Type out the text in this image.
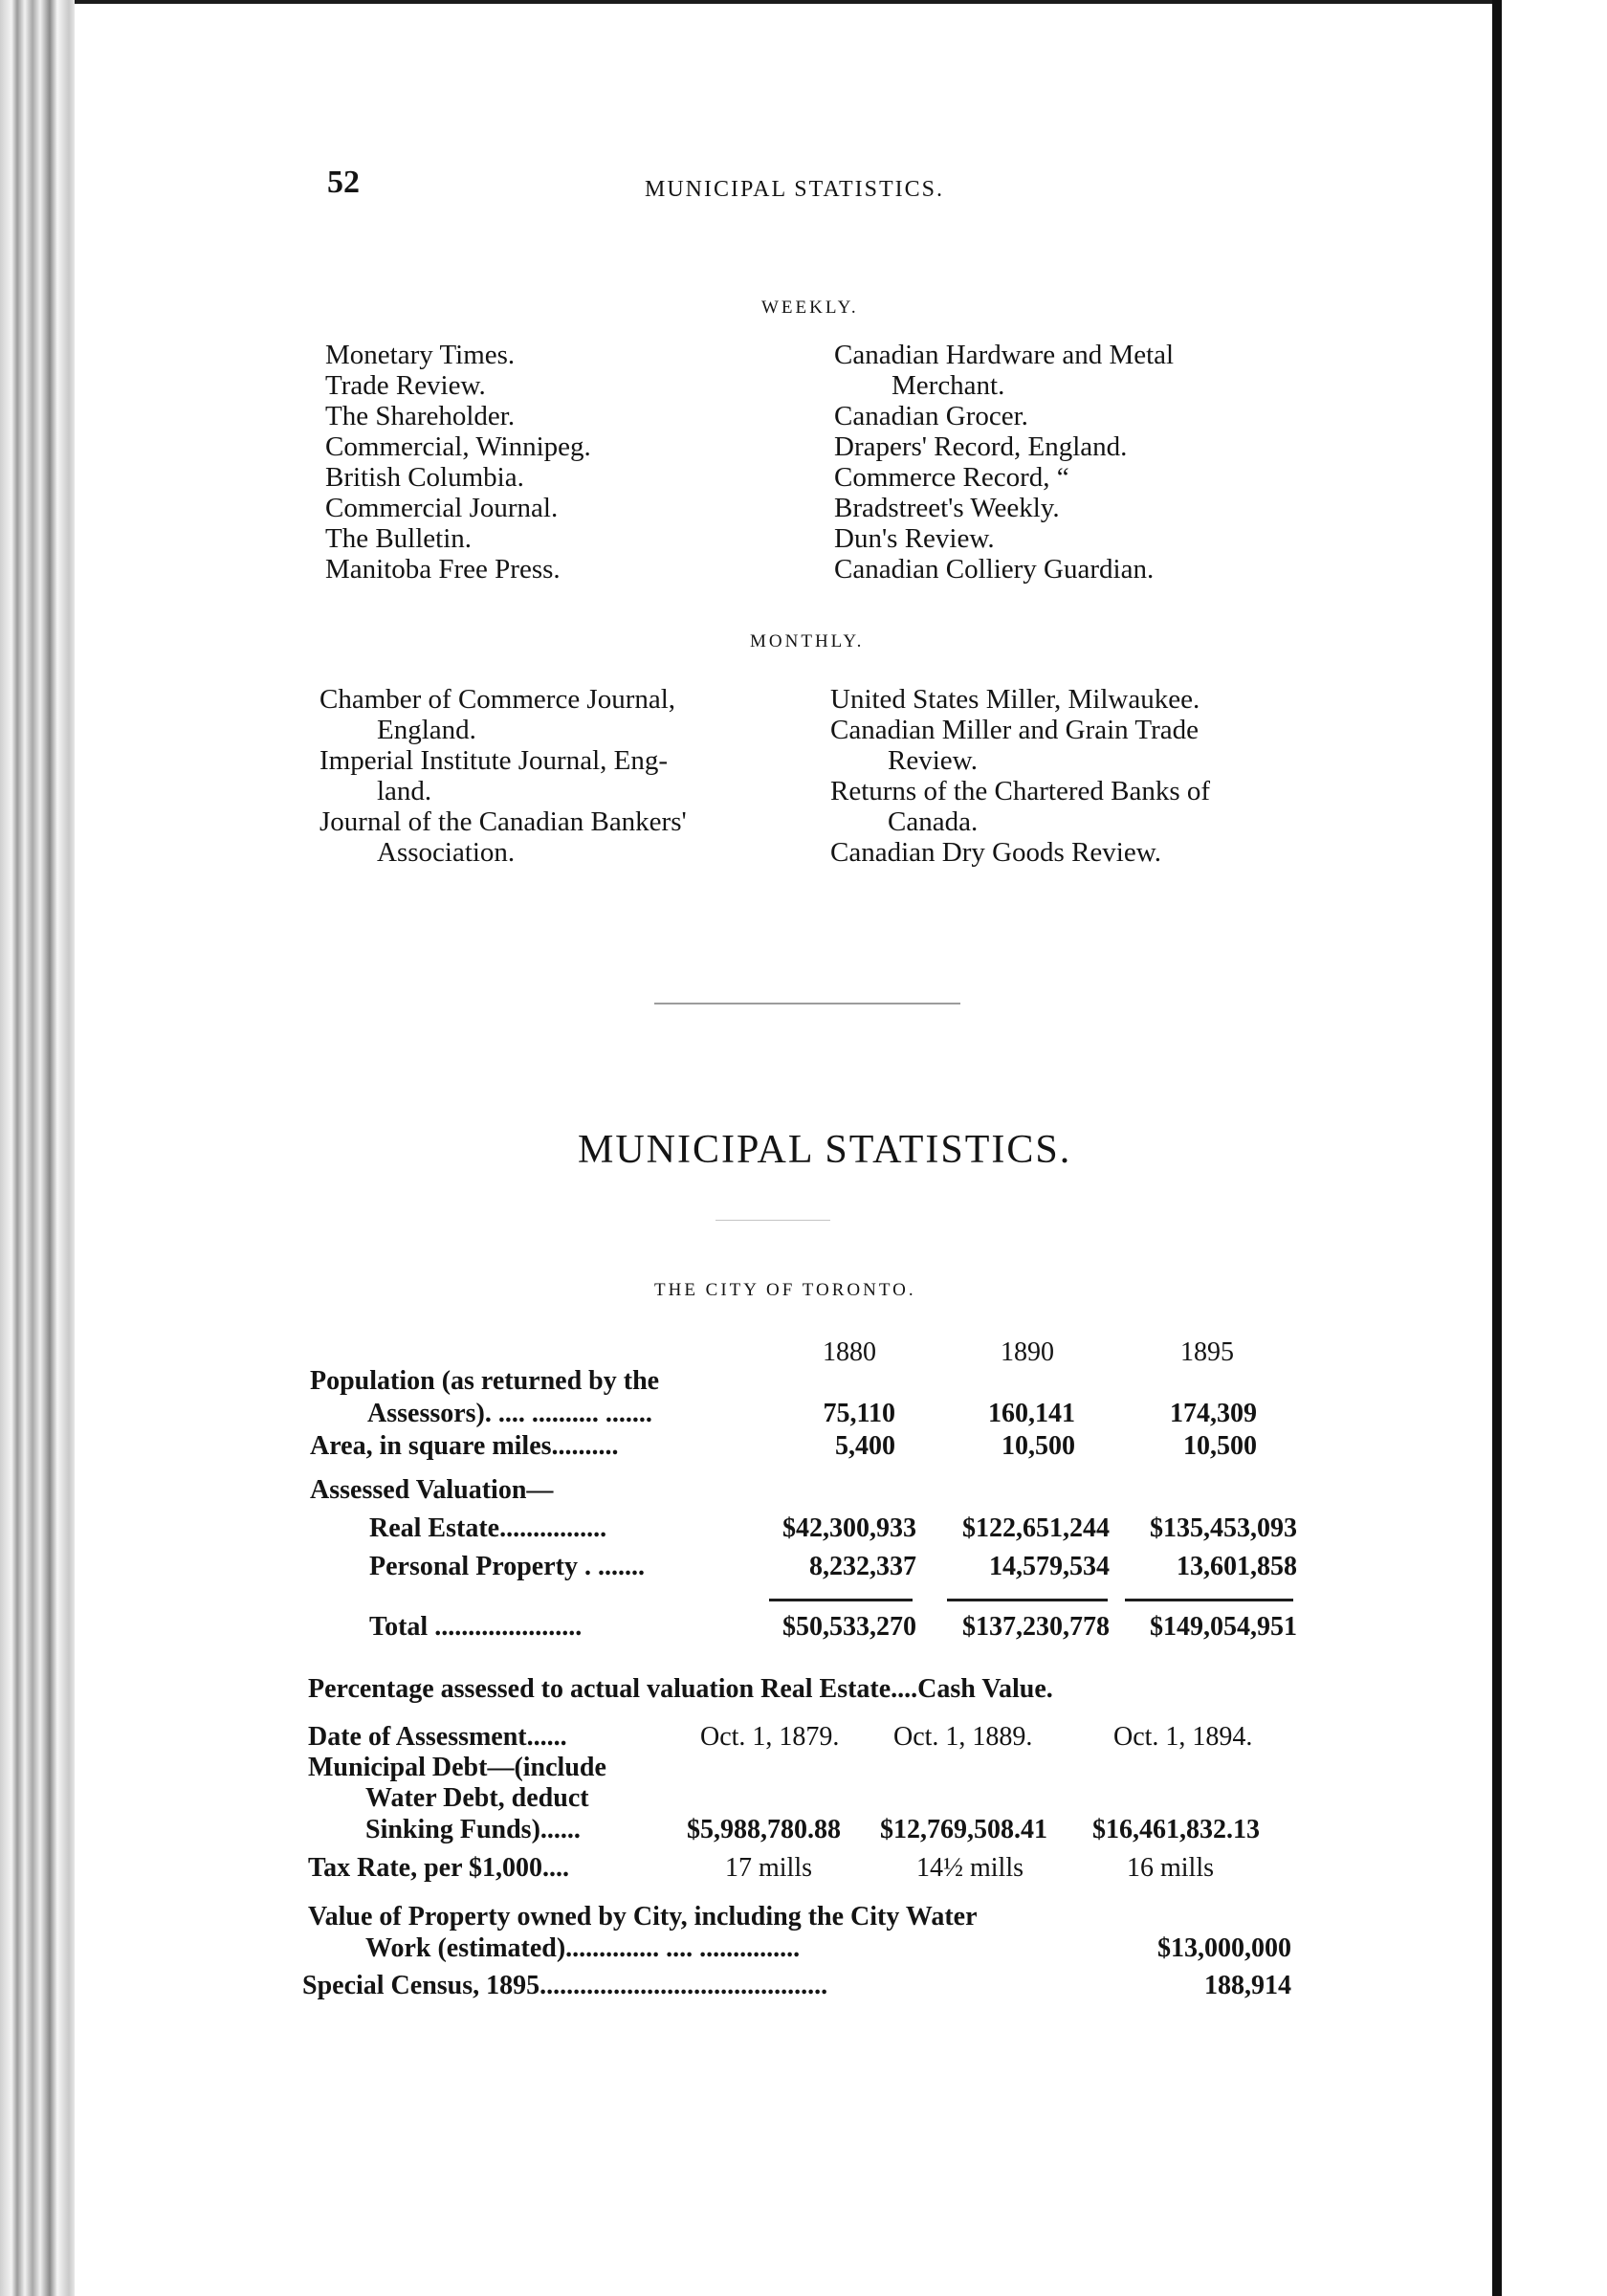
52	MUNICIPAL STATISTICS.
WEEKLY.
Monetary Times.
Trade Review.
The Shareholder.
Commercial, Winnipeg.
British Columbia.
Commercial Journal.
The Bulletin.
Manitoba Free Press.
Canadian Hardware and Metal
Merchant.
Canadian Grocer.
Drapers' Record, England.
Commerce Record, “
Bradstreet's Weekly.
Dun's Review.
Canadian Colliery Guardian.
MONTHLY.
Chamber of Commerce Journal,
England.
Imperial Institute Journal, Eng-
land.
Journal of the Canadian Bankers'
Association.
United States Miller, Milwaukee.
Canadian Miller and Grain Trade
Review.
Returns of the Chartered Banks of
Canada.
Canadian Dry Goods Review.
MUNICIPAL STATISTICS.
THE CITY OF TORONTO.
1880	1890	1895
Population (as returned by the
Assessors). .... .......... .......	75,110	160,141	174,309
Area, in square miles..........	5,400	10,500	10,500
Assessed Valuation—
Real Estate................	$42,300,933	$122,651,244	$135,453,093
Personal Property . .......	8,232,337	14,579,534	13,601,858
Total ......................	$50,533,270	$137,230,778	$149,054,951
Percentage assessed to actual valuation Real Estate....Cash Value.
Date of Assessment......	Oct. 1, 1879. Oct. 1, 1889.	Oct. 1, 1894.
Municipal Debt—(include
Water Debt, deduct
Sinking Funds)......	$5,988,780.88 $12,769,508.41 $16,461,832.13
Tax Rate, per $1,000....	17 mills	14½ mills	16 mills
Value of Property owned by City, including the City Water
Work (estimated).............. .... ...............	$13,000,000
Special Census, 1895...........................................	188,914
